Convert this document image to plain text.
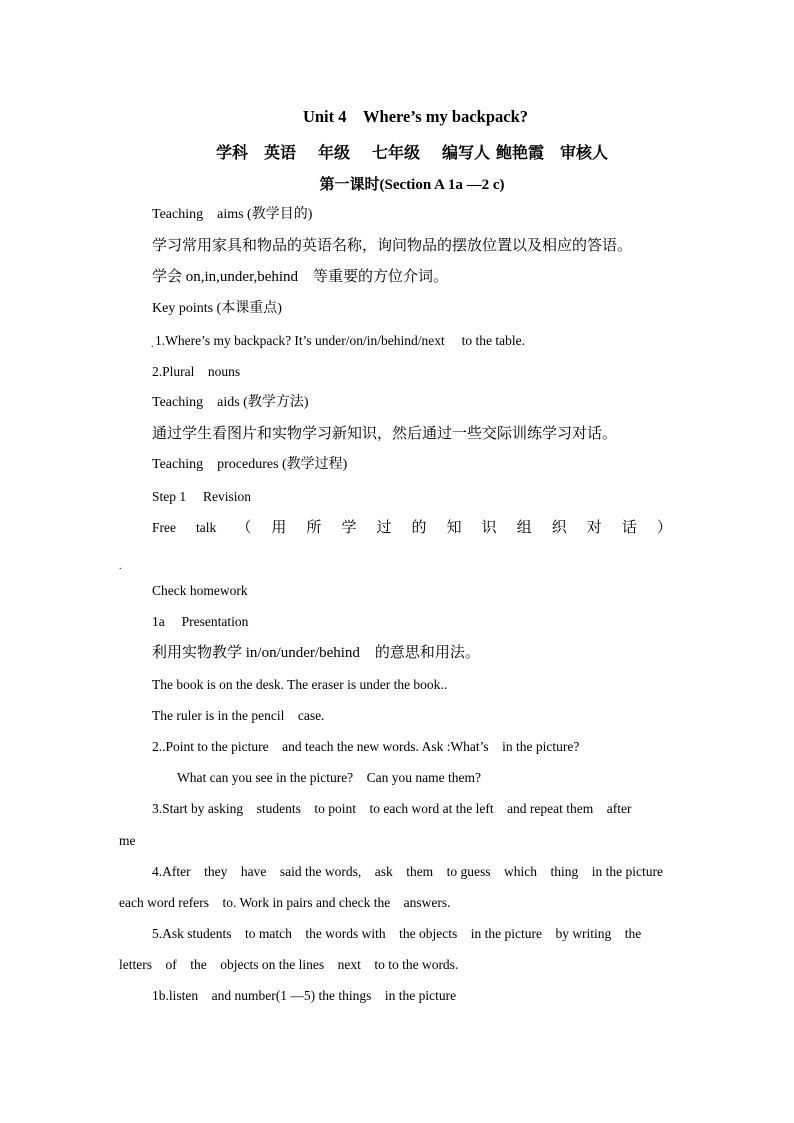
Unit 4　Where’s my backpack?
学科　英语　 年级　 七年级　 编写人 鲍艳霞　审核人
第一课时(Section A 1a —2 c)
Teaching　aims (教学目的)
学习常用家具和物品的英语名称，询问物品的摆放位置以及相应的答语。
学会 on,in,under,behind　等重要的方位介词。
Key points (本课重点)
. 1.Where’s my backpack? It’s under/on/in/behind/next　 to the table.
2.Plural　nouns
Teaching　aids (教学方法)
通过学生看图片和实物学习新知识，然后通过一些交际训练学习对话。
Teaching　procedures (教学过程)
Step 1　 Revision
Free talk （ 用 所 学 过 的 知 识 组 织 对 话 ）
.
Check homework
1a　 Presentation
利用实物教学 in/on/under/behind　的意思和用法。
The book is on the desk. The eraser is under the book..
The ruler is in the pencil　case.
2..Point to the picture　and teach the new words. Ask :What’s　in the picture?
What can you see in the picture?　Can you name them?
3.Start by asking　students　to point　to each word at the left　and repeat them　after
me
4.After　they　have　said the words,　ask　them　to guess　which　thing　in the picture
each word refers　to. Work in pairs and check the　answers.
5.Ask students　to match　the words with　the objects　in the picture　by writing　the
letters　of　the　objects on the lines　next　to to the words.
1b.listen　and number(1 —5) the things　in the picture
